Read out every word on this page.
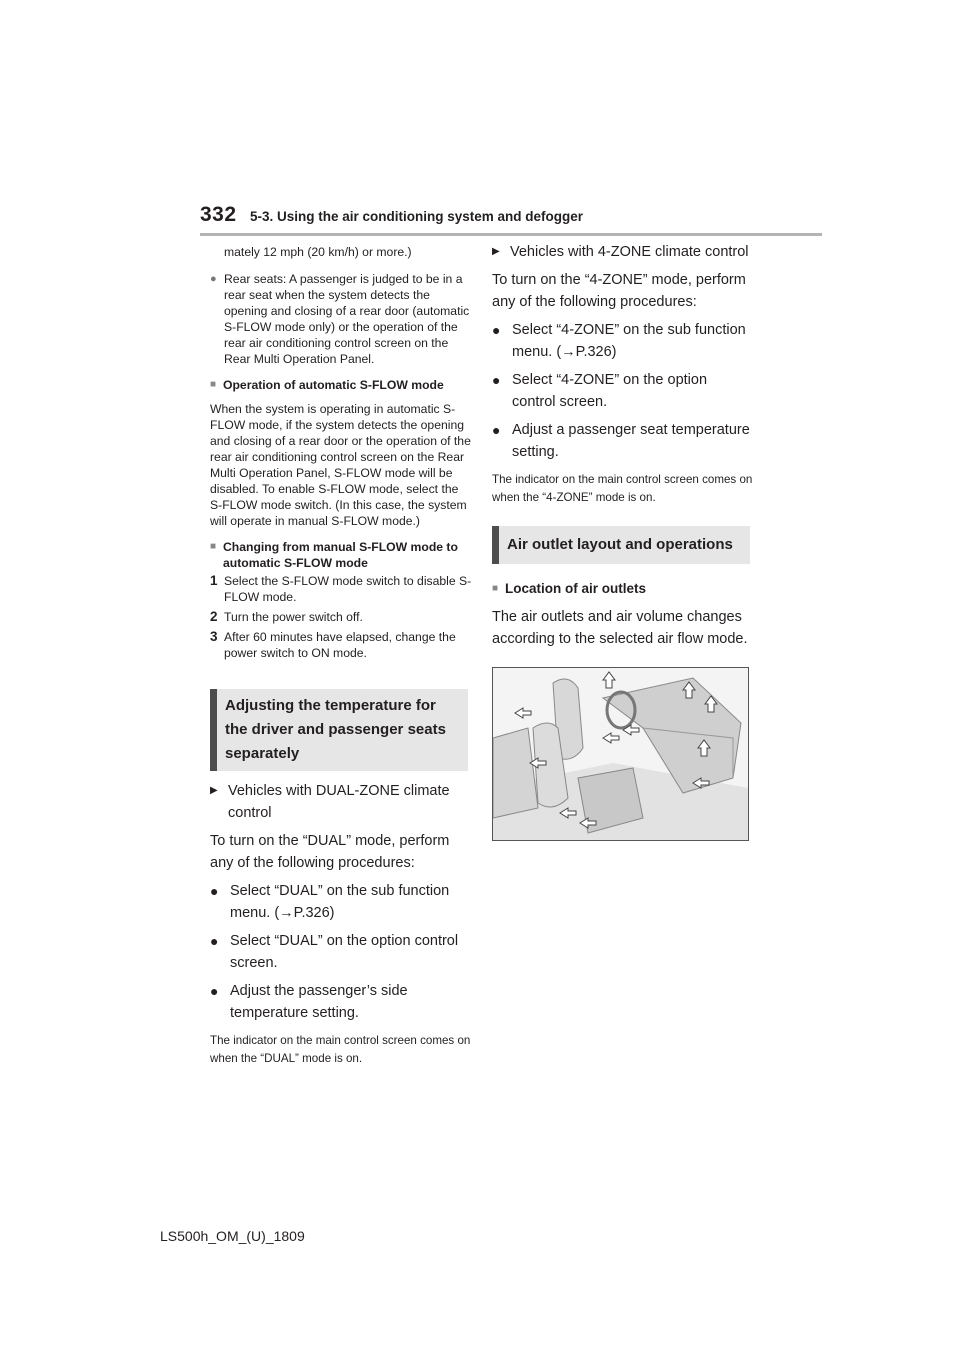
332 5-3. Using the air conditioning system and defogger

mately 12 mph (20 km/h) or more.)

● Rear seats: A passenger is judged to be in a rear seat when the system detects the opening and closing of a rear door (automatic S-FLOW mode only) or the operation of the rear air conditioning control screen on the Rear Multi Operation Panel.
■ Operation of automatic S-FLOW mode

When the system is operating in automatic S-FLOW mode, if the system detects the opening and closing of a rear door or the operation of the rear air conditioning control screen on the Rear Multi Operation Panel, S-FLOW mode will be disabled. To enable S-FLOW mode, select the S-FLOW mode switch. (In this case, the system will operate in manual S-FLOW mode.)

■ Changing from manual S-FLOW mode to automatic S-FLOW mode
1 Select the S-FLOW mode switch to disable S-FLOW mode.
2 Turn the power switch off.
3 After 60 minutes have elapsed, change the power switch to ON mode.
Adjusting the temperature for the driver and passenger seats separately
▶ Vehicles with DUAL-ZONE climate control

To turn on the “DUAL” mode, perform any of the following procedures:

● Select “DUAL” on the sub function menu. (→P.326)
● Select “DUAL” on the option control screen.
● Adjust the passenger’s side temperature setting.

The indicator on the main control screen comes on when the “DUAL” mode is on.

▶ Vehicles with 4-ZONE climate control

To turn on the “4-ZONE” mode, perform any of the following procedures:

● Select “4-ZONE” on the sub function menu. (→P.326)
● Select “4-ZONE” on the option control screen.
● Adjust a passenger seat temperature setting.

The indicator on the main control screen comes on when the “4-ZONE” mode is on.

Air outlet layout and operations
■ Location of air outlets

The air outlets and air volume changes according to the selected air flow mode.

LS500h_OM_(U)_1809
